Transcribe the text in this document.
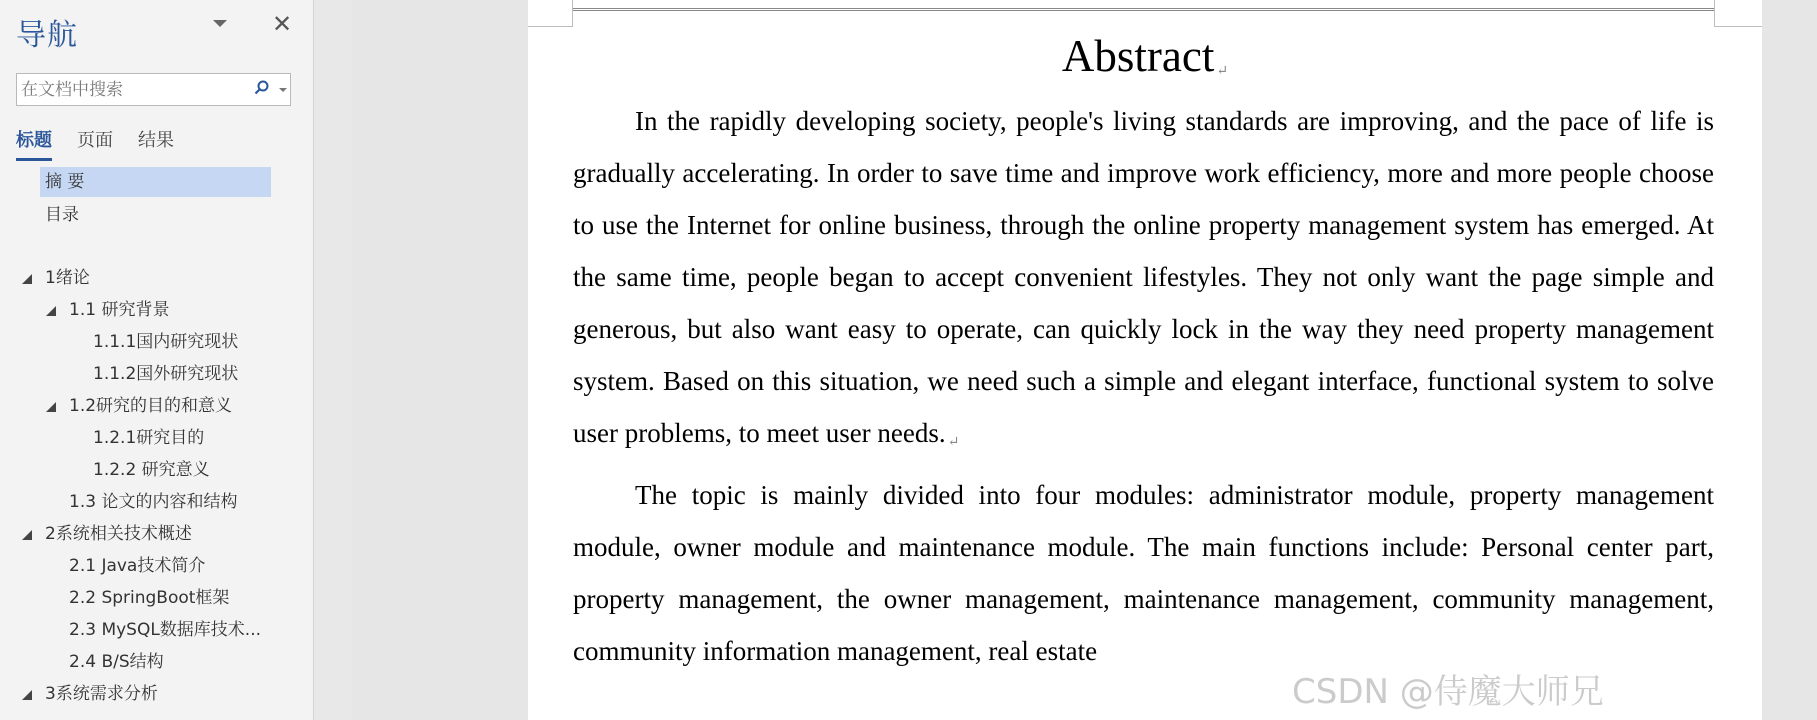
导航	✕
在文档中搜索
标题 页面 结果
摘 要
目录
1绪论
1.1 研究背景
1.1.1国内研究现状
1.1.2国外研究现状
1.2研究的目的和意义
1.2.1研究目的
1.2.2 研究意义
1.3 论文的内容和结构
2系统相关技术概述
2.1 Java技术简介
2.2 SpringBoot框架
2.3 MySQL数据库技术...
2.4 B/S结构
3系统需求分析
Abstract ↵

In the rapidly developing society, people's living standards are improving, and the pace of life is gradually accelerating. In order to save time and improve work efficiency, more and more people choose to use the Internet for online business, through the online property management system has emerged. At the same time, people began to accept convenient lifestyles. They not only want the page simple and generous, but also want easy to operate, can quickly lock in the way they need property management system. Based on this situation, we need such a simple and elegant interface, functional system to solve user problems, to meet user needs. ↵

The topic is mainly divided into four modules: administrator module, property management module, owner module and maintenance module. The main functions include: Personal center part, property management, the owner management, maintenance management, community management, community information management, real estate

CSDN @侍魔大师兄
